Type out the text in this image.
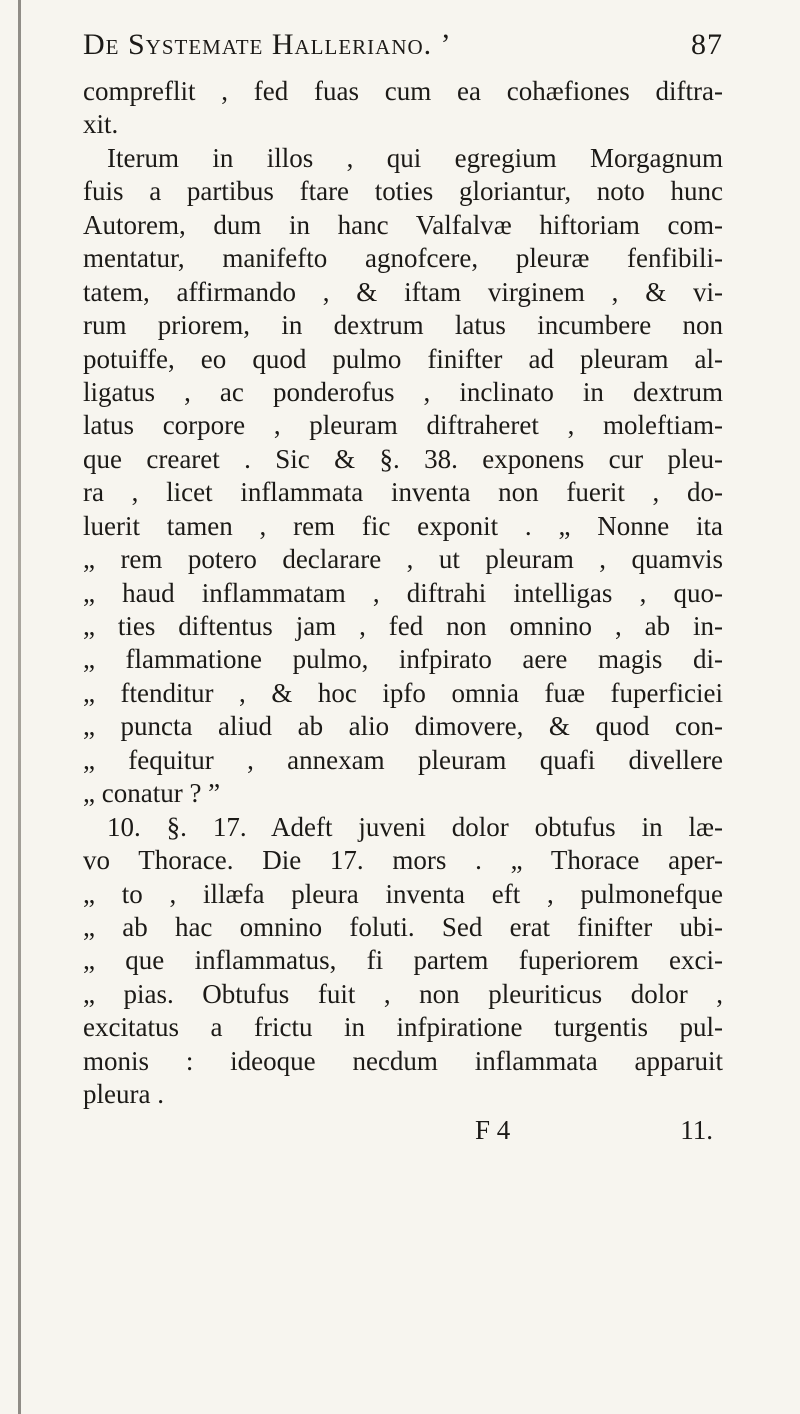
De Systemate Halleriano. ’	87
compreflit , fed fuas cum ea cohæfiones diftra-
xit.
Iterum in illos , qui egregium Morgagnum
fuis a partibus ftare toties gloriantur, noto hunc
Autorem, dum in hanc Valfalvæ hiftoriam com-
mentatur, manifefto agnofcere, pleuræ fenfibili-
tatem, affirmando , & iftam virginem , & vi-
rum priorem, in dextrum latus incumbere non
potuiffe, eo quod pulmo finifter ad pleuram al-
ligatus , ac ponderofus , inclinato in dextrum
latus corpore , pleuram diftraheret , moleftiam-
que crearet . Sic & §. 38. exponens cur pleu-
ra , licet inflammata inventa non fuerit , do-
luerit tamen , rem fic exponit . „ Nonne ita
„ rem potero declarare , ut pleuram , quamvis
„ haud inflammatam , diftrahi intelligas , quo-
„ ties diftentus jam , fed non omnino , ab in-
„ flammatione pulmo, infpirato aere magis di-
„ ftenditur , & hoc ipfo omnia fuæ fuperficiei
„ puncta aliud ab alio dimovere, & quod con-
„ fequitur , annexam pleuram quafi divellere
„ conatur ? ”
10. §. 17. Adeft juveni dolor obtufus in læ-
vo Thorace. Die 17. mors . „ Thorace aper-
„ to , illæfa pleura inventa eft , pulmonefque
„ ab hac omnino foluti. Sed erat finifter ubi-
„ que inflammatus, fi partem fuperiorem exci-
„ pias. Obtufus fuit , non pleuriticus dolor ,
excitatus a frictu in infpiratione turgentis pul-
monis : ideoque necdum inflammata apparuit
pleura .
F 4	11.
